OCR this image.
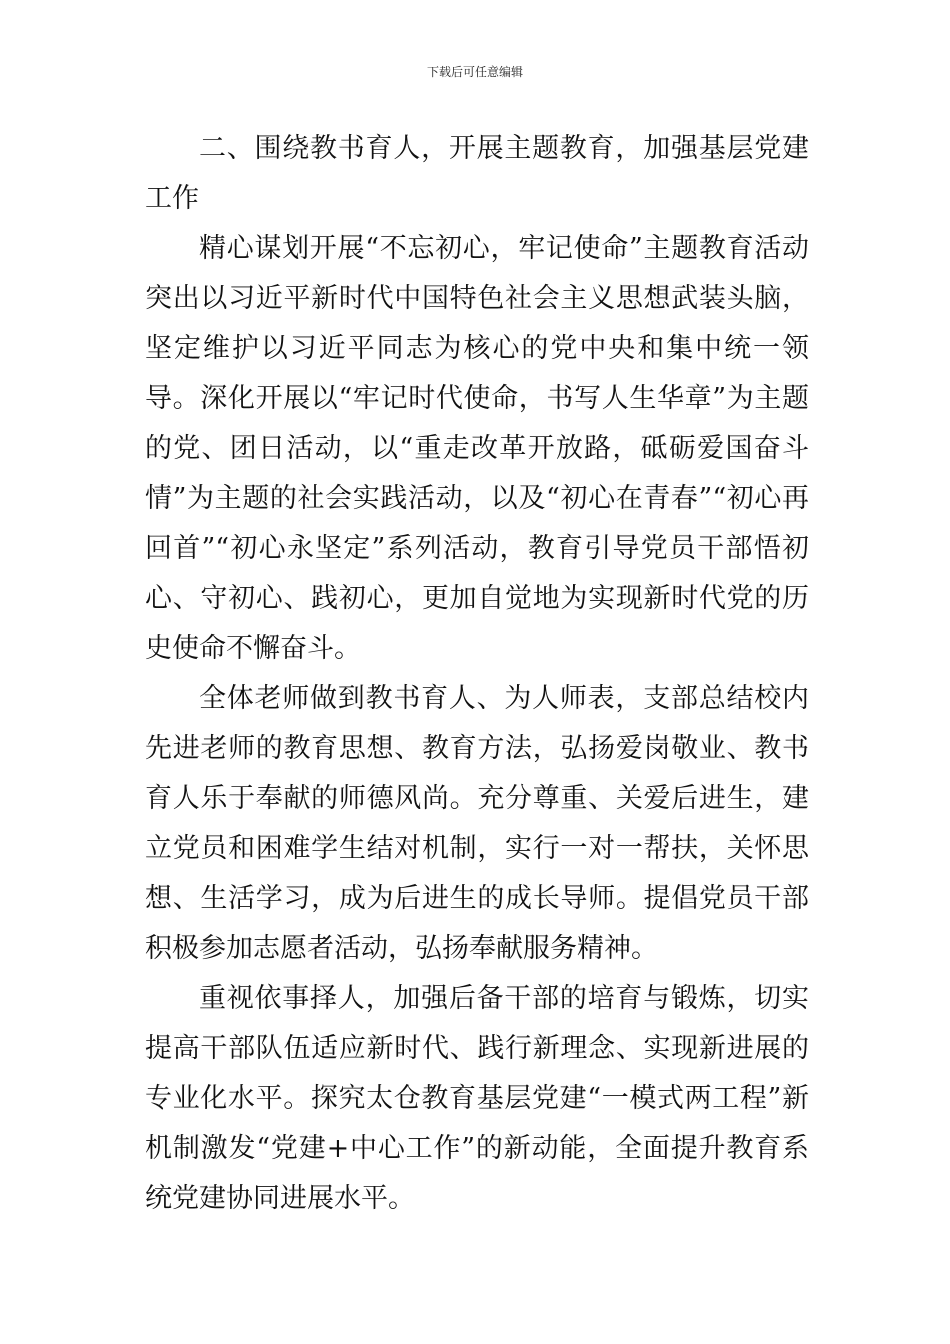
下载后可任意编辑

二、围绕教书育人，开展主题教育，加强基层党建工作

精心谋划开展“不忘初心，牢记使命”主题教育活动突出以习近平新时代中国特色社会主义思想武装头脑，坚定维护以习近平同志为核心的党中央和集中统一领导。深化开展以“牢记时代使命，书写人生华章”为主题的党、团日活动，以“重走改革开放路，砥砺爱国奋斗情”为主题的社会实践活动，以及“初心在青春”“初心再回首”“初心永坚定”系列活动，教育引导党员干部悟初心、守初心、践初心，更加自觉地为实现新时代党的历史使命不懈奋斗。

全体老师做到教书育人、为人师表，支部总结校内先进老师的教育思想、教育方法，弘扬爱岗敬业、教书育人乐于奉献的师德风尚。充分尊重、关爱后进生，建立党员和困难学生结对机制，实行一对一帮扶，关怀思想、生活学习，成为后进生的成长导师。提倡党员干部积极参加志愿者活动，弘扬奉献服务精神。

重视依事择人，加强后备干部的培育与锻炼，切实提高干部队伍适应新时代、践行新理念、实现新进展的专业化水平。探究太仓教育基层党建“一模式两工程”新机制激发“党建+中心工作”的新动能，全面提升教育系统党建协同进展水平。
